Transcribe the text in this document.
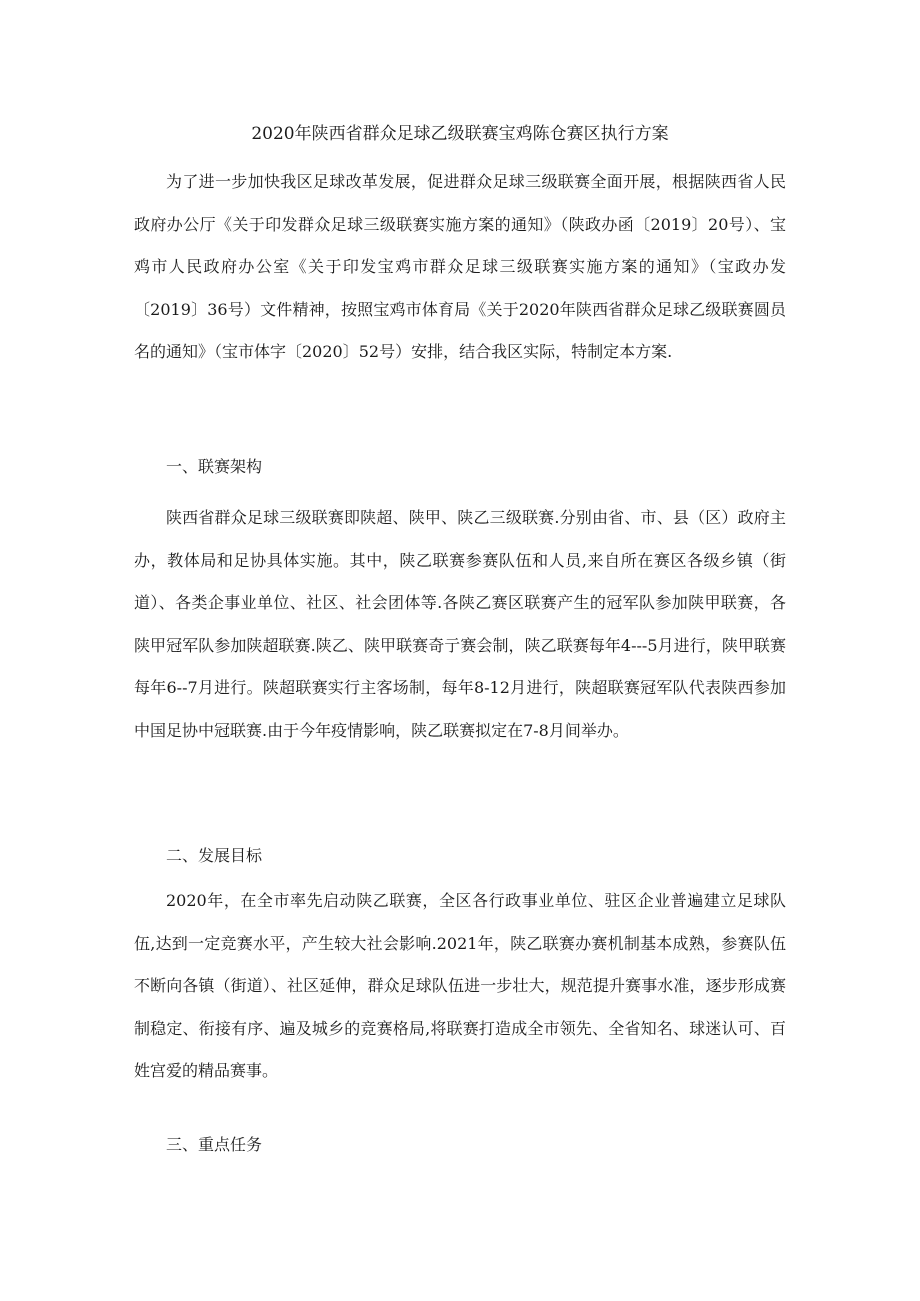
2020年陕西省群众足球乙级联赛宝鸡陈仓赛区执行方案

为了进一步加快我区足球改革发展，促进群众足球三级联赛全面开展，根据陕西省人民政府办公厅《关于印发群众足球三级联赛实施方案的通知》（陕政办函〔2019〕20号）、宝鸡市人民政府办公室《关于印发宝鸡市群众足球三级联赛实施方案的通知》（宝政办发〔2019〕36号）文件精神，按照宝鸡市体育局《关于2020年陕西省群众足球乙级联赛圆员名的通知》（宝市体字〔2020〕52号）安排，结合我区实际，特制定本方案.

一、联赛架构

陕西省群众足球三级联赛即陕超、陕甲、陕乙三级联赛.分别由省、市、县（区）政府主办，教体局和足协具体实施。其中，陕乙联赛参赛队伍和人员,来自所在赛区各级乡镇（街道）、各类企事业单位、社区、社会团体等.各陕乙赛区联赛产生的冠军队参加陕甲联赛，各陕甲冠军队参加陕超联赛.陕乙、陕甲联赛奇亍赛会制，陕乙联赛每年4---5月进行，陕甲联赛每年6--7月进行。陕超联赛实行主客场制，每年8-12月进行，陕超联赛冠军队代表陕西参加中国足协中冠联赛.由于今年疫情影响，陕乙联赛拟定在7-8月间举办。

二、发展目标

2020年，在全市率先启动陕乙联赛，全区各行政事业单位、驻区企业普遍建立足球队伍,达到一定竞赛水平，产生较大社会影响.2021年，陕乙联赛办赛机制基本成熟，参赛队伍不断向各镇（街道）、社区延伸，群众足球队伍进一步壮大，规范提升赛事水准，逐步形成赛制稳定、衔接有序、遍及城乡的竞赛格局,将联赛打造成全市领先、全省知名、球迷认可、百姓宫爱的精品赛事。

三、重点任务
